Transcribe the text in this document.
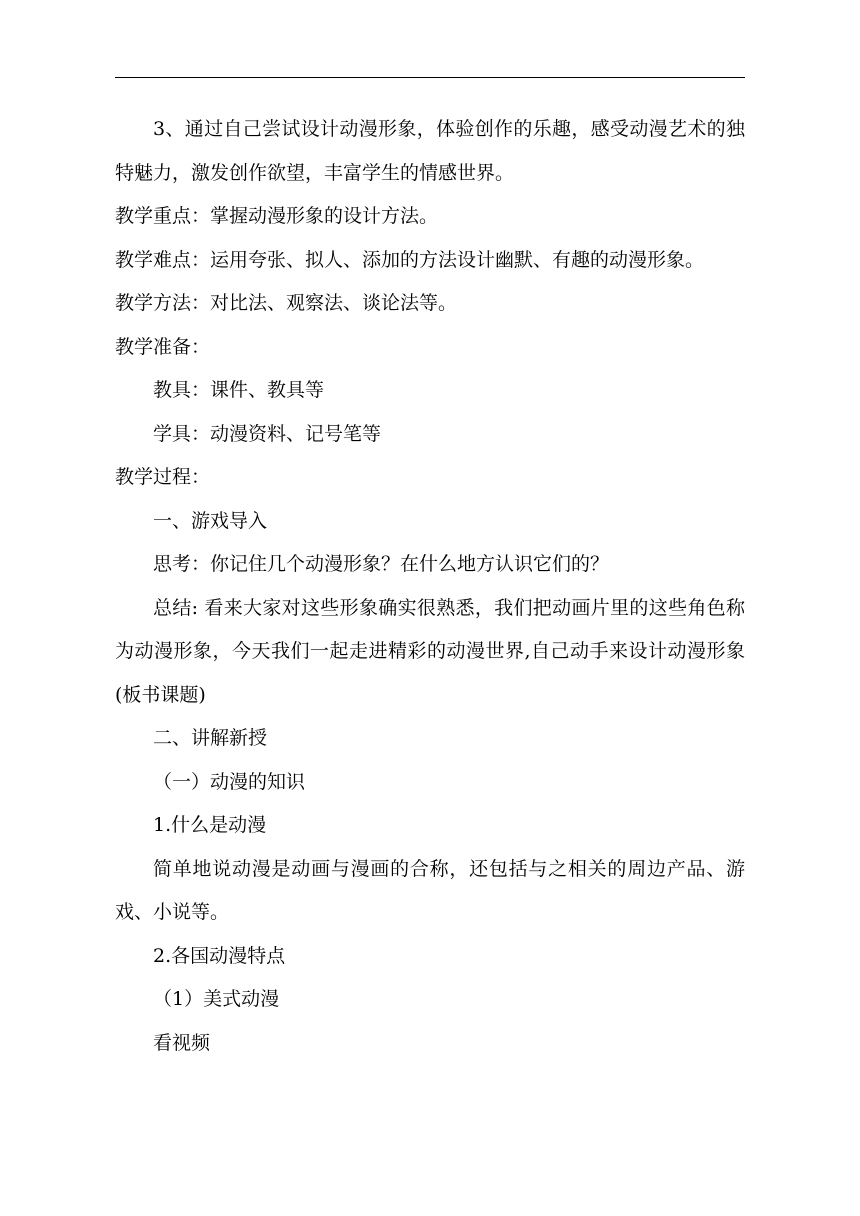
3、通过自己尝试设计动漫形象，体验创作的乐趣，感受动漫艺术的独特魅力，激发创作欲望，丰富学生的情感世界。

教学重点：掌握动漫形象的设计方法。

教学难点：运用夸张、拟人、添加的方法设计幽默、有趣的动漫形象。

教学方法：对比法、观察法、谈论法等。

教学准备：

教具：课件、教具等

学具：动漫资料、记号笔等

教学过程：

一、游戏导入

思考：你记住几个动漫形象？在什么地方认识它们的？

总结: 看来大家对这些形象确实很熟悉，我们把动画片里的这些角色称为动漫形象，今天我们一起走进精彩的动漫世界,自己动手来设计动漫形象(板书课题)

二、讲解新授

（一）动漫的知识

1.什么是动漫

简单地说动漫是动画与漫画的合称，还包括与之相关的周边产品、游戏、小说等。

2.各国动漫特点

（1）美式动漫

看视频
